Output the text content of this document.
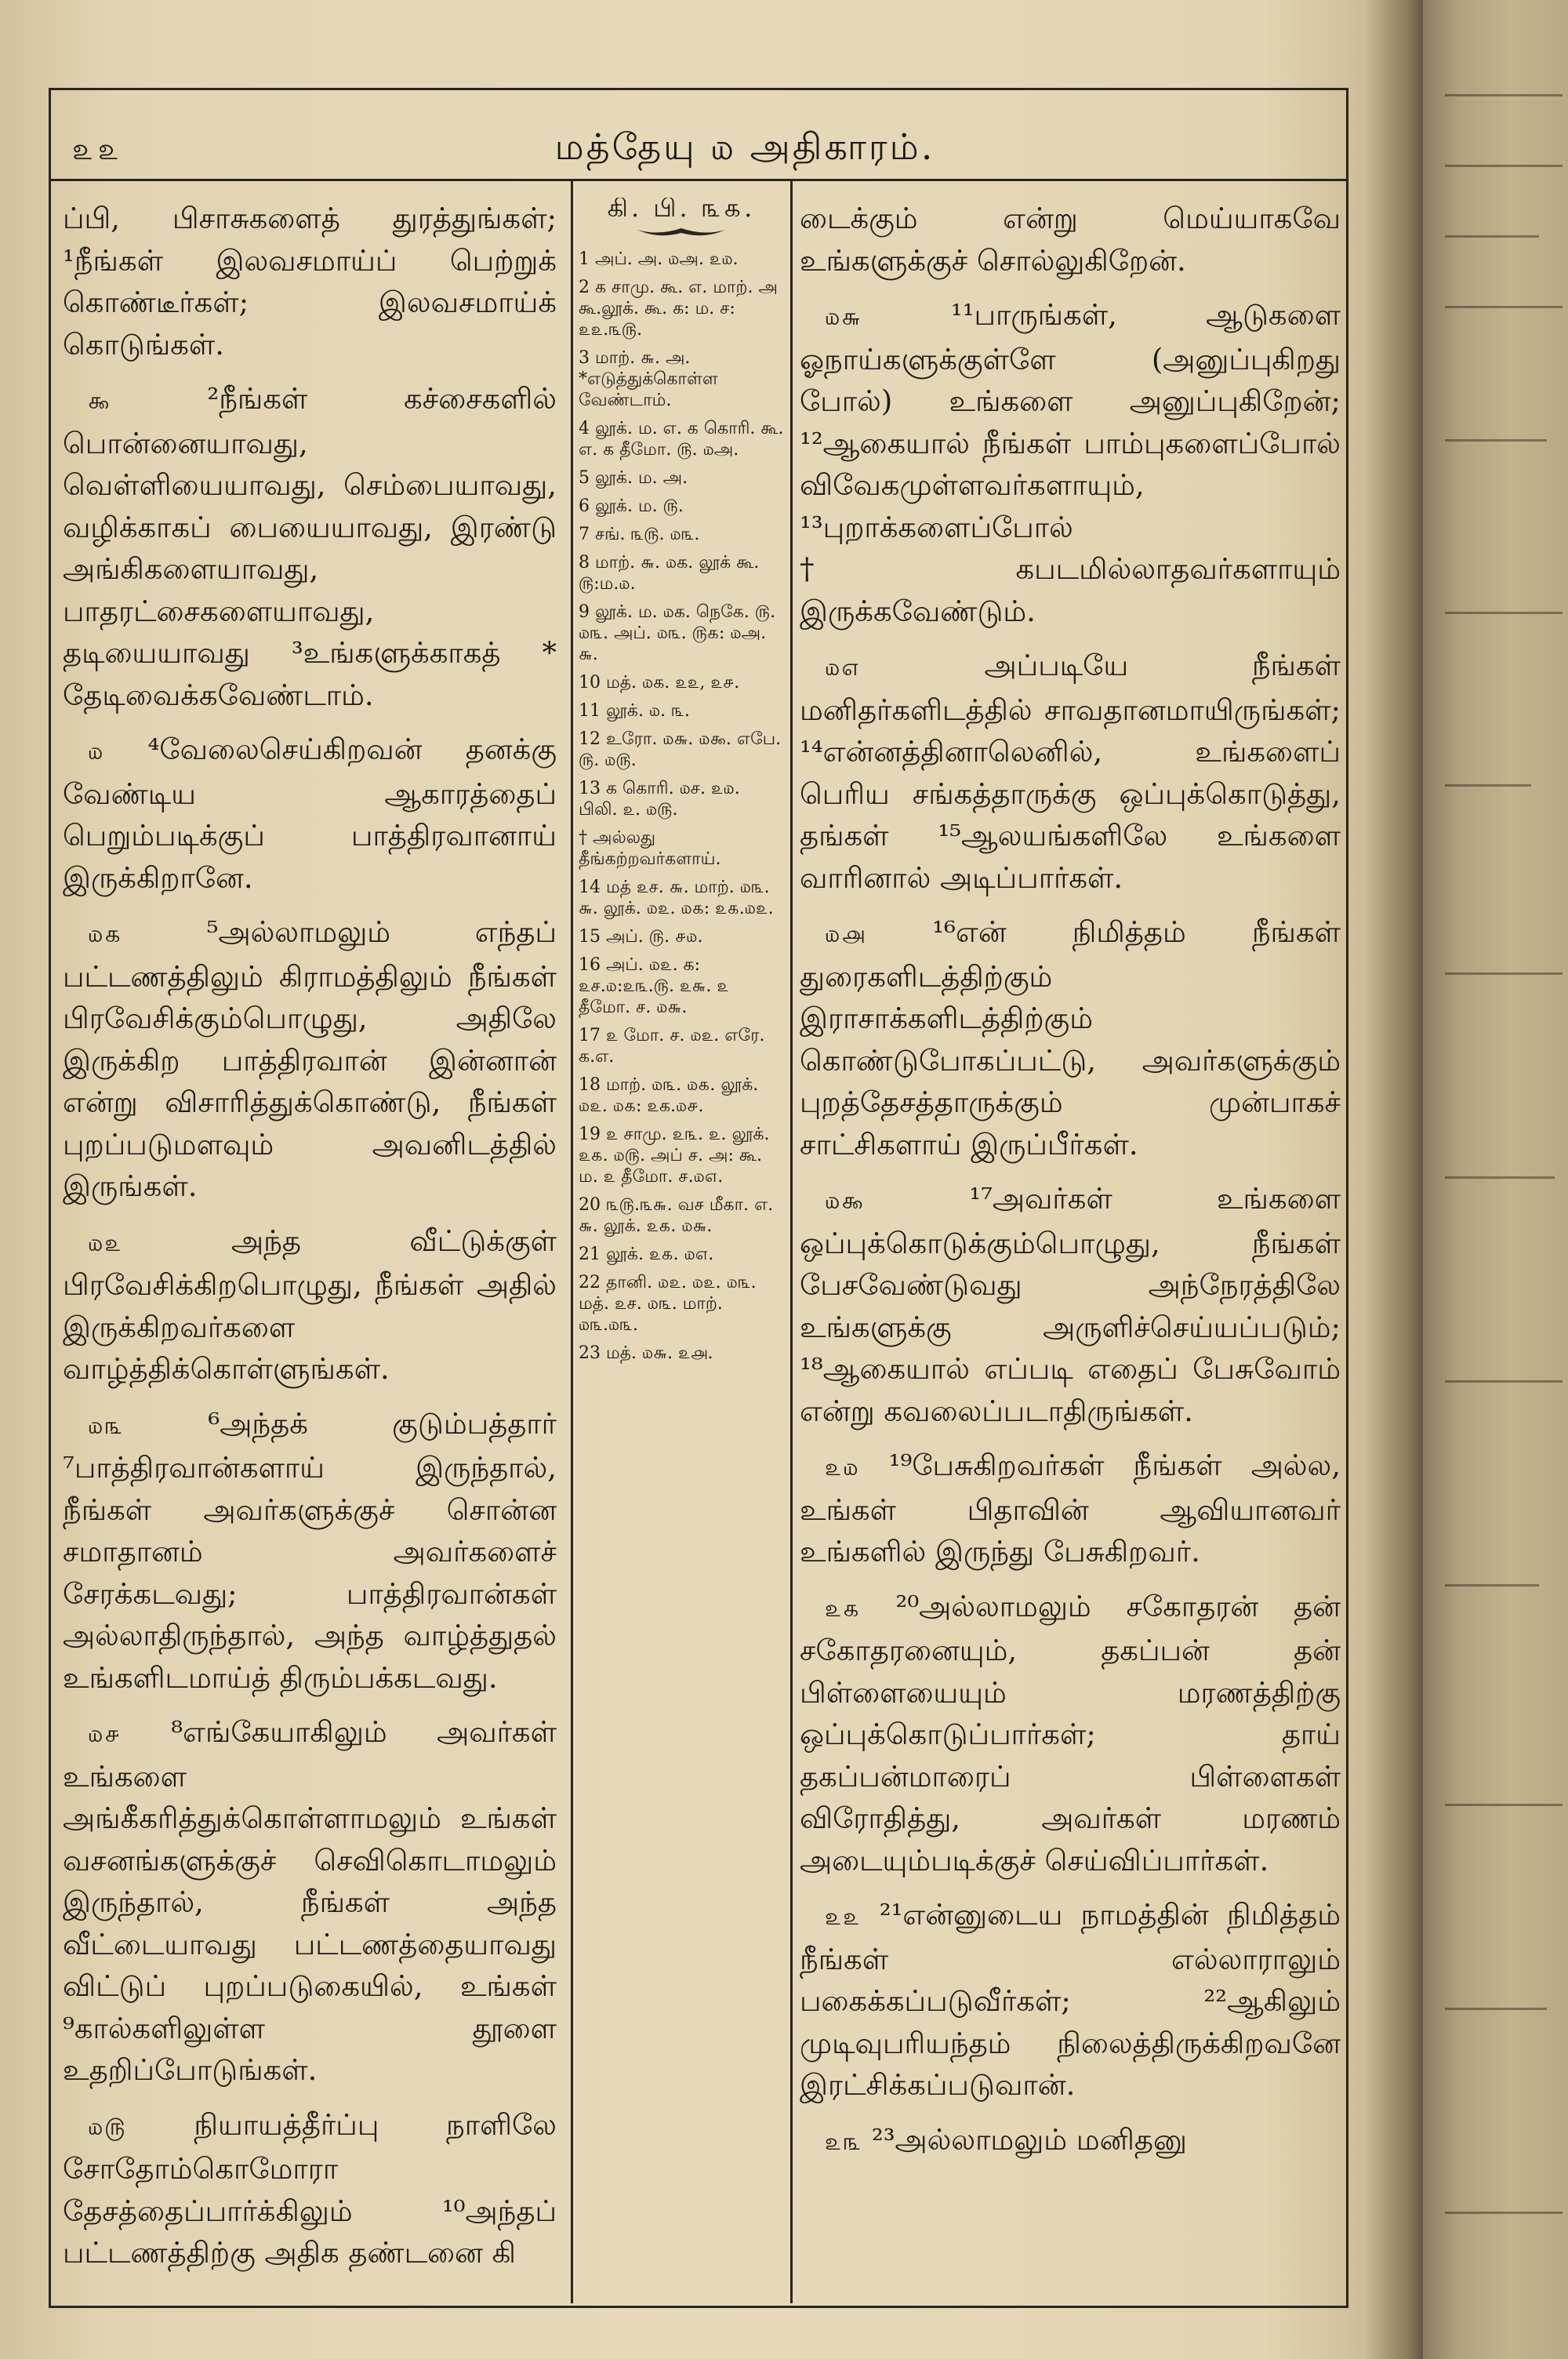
௨௨	மத்தேயு ௰ அதிகாரம்.

ப்பி, பிசாசுகளைத் துரத்துங்கள்; ¹நீங்கள் இலவசமாய்ப் பெற்றுக் கொண்டீர்கள்; இலவசமாய்க் கொடுங்கள்.

௯	²நீங்கள் கச்சைகளில் பொன்னையாவது, வெள்ளியையாவது, செம்பையாவது, வழிக்காகப் பையையாவது, இரண்டு அங்கிகளையாவது, பாதரட்சைகளையாவது, தடியையாவது ³உங்களுக்காகத் * தேடிவைக்கவேண்டாம்.

௰ ⁴வேலைசெய்கிறவன் தனக்கு வேண்டிய ஆகாரத்தைப் பெறும்படிக்குப் பாத்திரவானாய் இருக்கிறானே.

௰௧	⁵அல்லாமலும் எந்தப் பட்டணத்திலும் கிராமத்திலும் நீங்கள் பிரவேசிக்கும்பொழுது, அதிலே இருக்கிற பாத்திரவான் இன்னான் என்று விசாரித்துக்கொண்டு, நீங்கள் புறப்படுமளவும் அவனிடத்தில் இருங்கள்.

௰௨	அந்த வீட்டுக்குள் பிரவேசிக்கிறபொழுது, நீங்கள் அதில் இருக்கிறவர்களை வாழ்த்திக்கொள்ளுங்கள்.

௰௩	⁶அந்தக் குடும்பத்தார் ⁷பாத்திரவான்களாய் இருந்தால், நீங்கள் அவர்களுக்குச் சொன்ன சமாதானம் அவர்களைச் சேரக்கடவது; பாத்திரவான்கள் அல்லாதிருந்தால், அந்த வாழ்த்துதல் உங்களிடமாய்த் திரும்பக்கடவது.

௰௪ ⁸எங்கேயாகிலும் அவர்கள் உங்களை அங்கீகரித்துக்கொள்ளாமலும் உங்கள் வசனங்களுக்குச் செவிகொடாமலும் இருந்தால், நீங்கள் அந்த வீட்டையாவது பட்டணத்தையாவது விட்டுப் புறப்படுகையில், உங்கள் ⁹கால்களிலுள்ள தூளை உதறிப்போடுங்கள்.

௰௫ நியாயத்தீர்ப்பு நாளிலே சோதோம்கொமோரா தேசத்தைப்பார்க்கிலும் ¹⁰அந்தப் பட்டணத்திற்கு அதிக தண்டனை கி

கி. பி. ௩௧.
1 அப். அ. ௰அ. ௨௰.
2 க சாமு. கூ. எ. மாற். அ கூ.லூக். கூ. க: ம. ச: ௨௨.௩௫.
3 மாற். ௬. அ. *எடுத்துக்கொள்ள வேண்டாம்.
4 லூக். ம. எ. க கொரி. கூ. எ. க தீமோ. ௫. ௰அ.
5 லூக். ம. அ.
6 லூக். ம. ௫.
7 சங். ௩௫. ௰௩.
8 மாற். ௬. ௰க. லூக் கூ. ௫:ம.௰.
9 லூக். ம. ௰க. நெகே. ௫. ௰௩. அப். ௰௩. ௫௧: ௰அ. ௬.
10 மத். ௰க. ௨௨, ௨௪.
11 லூக். ௰. ௩.
12 உரோ. ௰௬. ௰௯. எபே. ௫. ௰௫.
13 க கொரி. ௰ச. ௨௰. பிலி. ௨. ௰௫.
† அல்லது தீங்கற்றவர்களாய்.
14 மத் ௨ச. ௬. மாற். ௰௩. ௬. லூக். ௰௨. ௰௧: ௨௧.௰௨.
15 அப். ௫. ௪௰.
16 அப். ௰௨. க: ௨ச.௰:௨௩.௫. ௨௬. ௨ தீமோ. ச. ௰௬.
17 ௨ மோ. ச. ௰௨. எரே. க.எ.
18 மாற். ௰௩. ௰௧. லூக். ௰௨. ௰௧: ௨க.௰௪.
19 ௨ சாமு. ௨௩. ௨. லூக். ௨௧. ௰௫. அப் ச. அ: கூ. ம. ௨ தீமோ. ச.௰௭.
20 ௩௫.௩௬. வச மீகா. எ. ௬. லூக். ௨௧. ௰௬.
21 லூக். ௨௧. ௰௭.
22 தானி. ௰௨. ௰௨. ௰௩. மத். ௨ச. ௰௩. மாற். ௰௩.௰௩.
23 மத். ௰௬. ௨௮.

டைக்கும் என்று மெய்யாகவே உங்களுக்குச் சொல்லுகிறேன்.

௰௬	¹¹பாருங்கள், ஆடுகளை ஓநாய்களுக்குள்ளே (அனுப்புகிறது போல்) உங்களை அனுப்புகிறேன்; ¹²ஆகையால் நீங்கள் பாம்புகளைப்போல் விவேகமுள்ளவர்களாயும், ¹³புறாக்களைப்போல் †கபடமில்லாதவர்களாயும் இருக்கவேண்டும்.

௰௭	அப்படியே நீங்கள் மனிதர்களிடத்தில் சாவதானமாயிருங்கள்; ¹⁴என்னத்தினாலெனில், உங்களைப் பெரிய சங்கத்தாருக்கு ஒப்புக்கொடுத்து, தங்கள் ¹⁵ஆலயங்களிலே உங்களை வாரினால் அடிப்பார்கள்.

௰௮ ¹⁶என் நிமித்தம் நீங்கள் துரைகளிடத்திற்கும் இராசாக்களிடத்திற்கும் கொண்டுபோகப்பட்டு, அவர்களுக்கும் புறத்தேசத்தாருக்கும் முன்பாகச் சாட்சிகளாய் இருப்பீர்கள்.

௰௯	¹⁷அவர்கள் உங்களை ஒப்புக்கொடுக்கும்பொழுது, நீங்கள் பேசவேண்டுவது அந்நேரத்திலே உங்களுக்கு அருளிச்செய்யப்படும்; ¹⁸ஆகையால் எப்படி எதைப் பேசுவோம் என்று கவலைப்படாதிருங்கள்.

௨௰ ¹⁹பேசுகிறவர்கள் நீங்கள் அல்ல, உங்கள் பிதாவின் ஆவியானவர் உங்களில் இருந்து பேசுகிறவர்.

௨௧ ²⁰அல்லாமலும் சகோதரன் தன் சகோதரனையும், தகப்பன் தன் பிள்ளையையும் மரணத்திற்கு ஒப்புக்கொடுப்பார்கள்; தாய் தகப்பன்மாரைப் பிள்ளைகள் விரோதித்து, அவர்கள் மரணம் அடையும்படிக்குச் செய்விப்பார்கள்.

௨௨ ²¹என்னுடைய நாமத்தின் நிமித்தம் நீங்கள் எல்லாராலும் பகைக்கப்படுவீர்கள்; ²²ஆகிலும் முடிவுபரியந்தம் நிலைத்திருக்கிறவனே இரட்சிக்கப்படுவான்.

௨௩ ²³அல்லாமலும் மனிதனு
